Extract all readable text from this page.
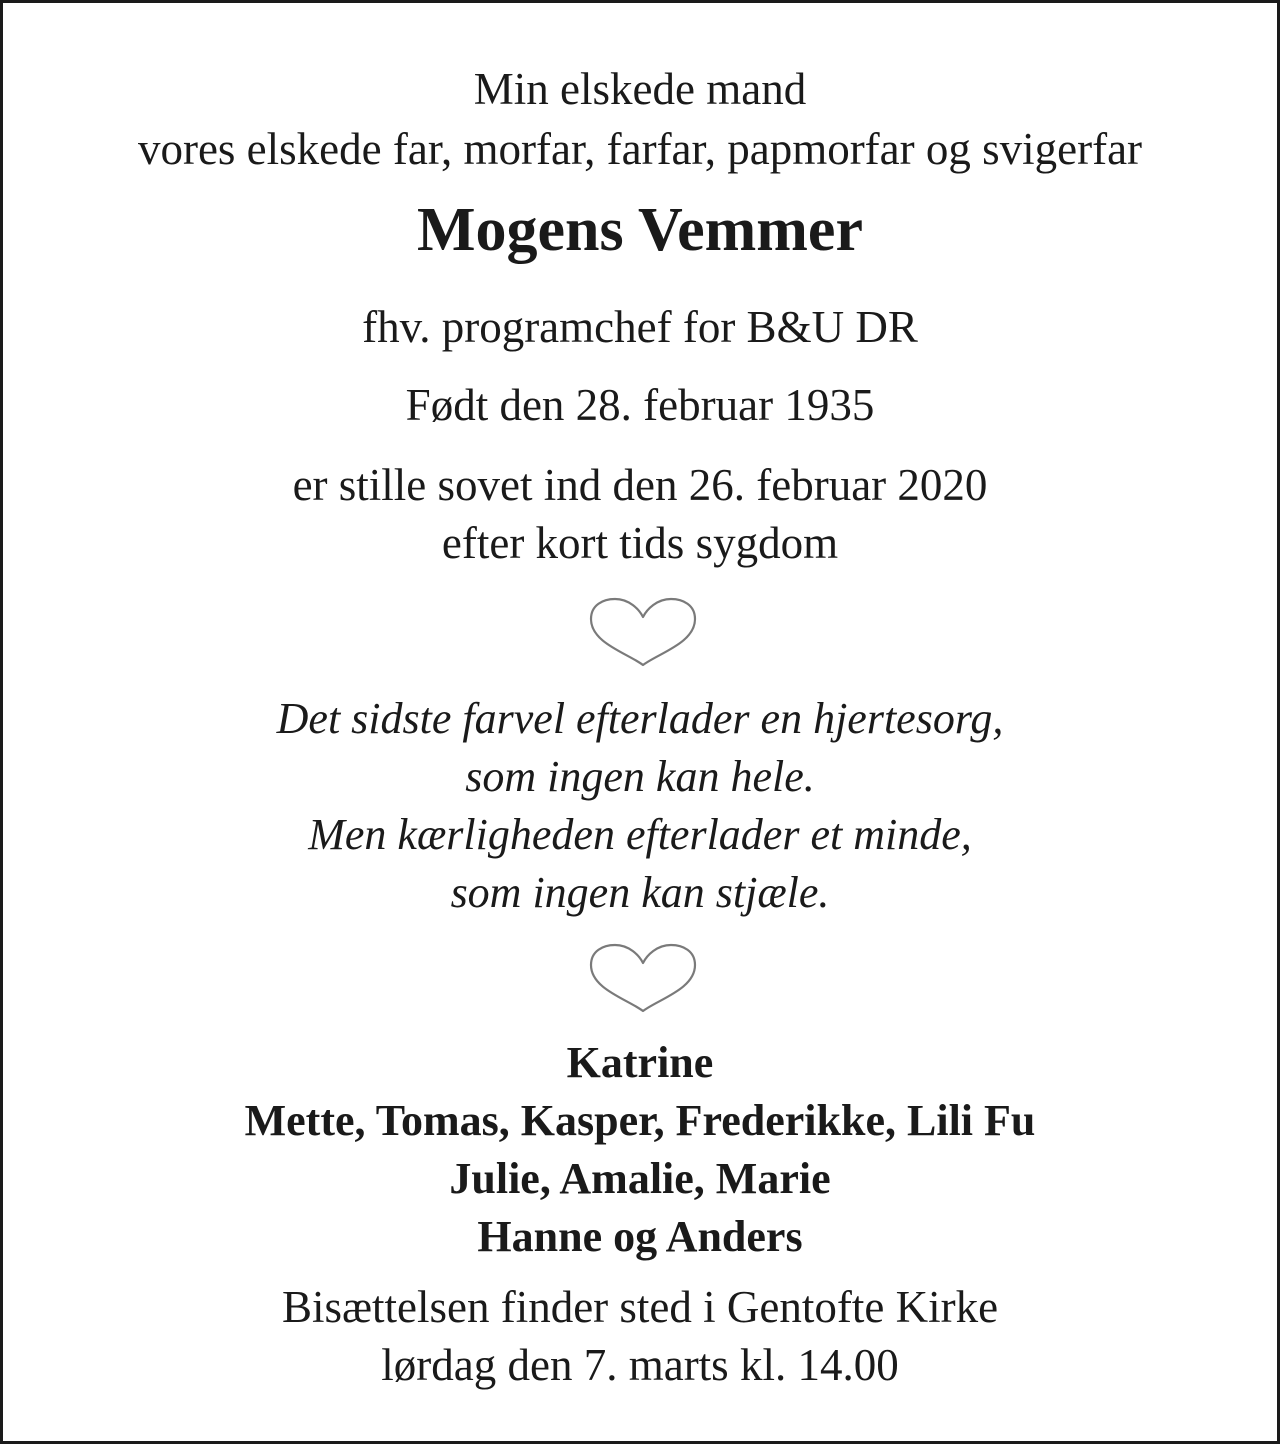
Min elskede mand

vores elskede far, morfar, farfar, papmorfar og svigerfar

Mogens Vemmer

fhv. programchef for B&U DR

Født den 28. februar 1935

er stille sovet ind den 26. februar 2020

efter kort tids sygdom

Det sidste farvel efterlader en hjertesorg,

som ingen kan hele.

Men kærligheden efterlader et minde,

som ingen kan stjæle.

Katrine

Mette, Tomas, Kasper, Frederikke, Lili Fu

Julie, Amalie, Marie

Hanne og Anders

Bisættelsen finder sted i Gentofte Kirke

lørdag den 7. marts kl. 14.00
